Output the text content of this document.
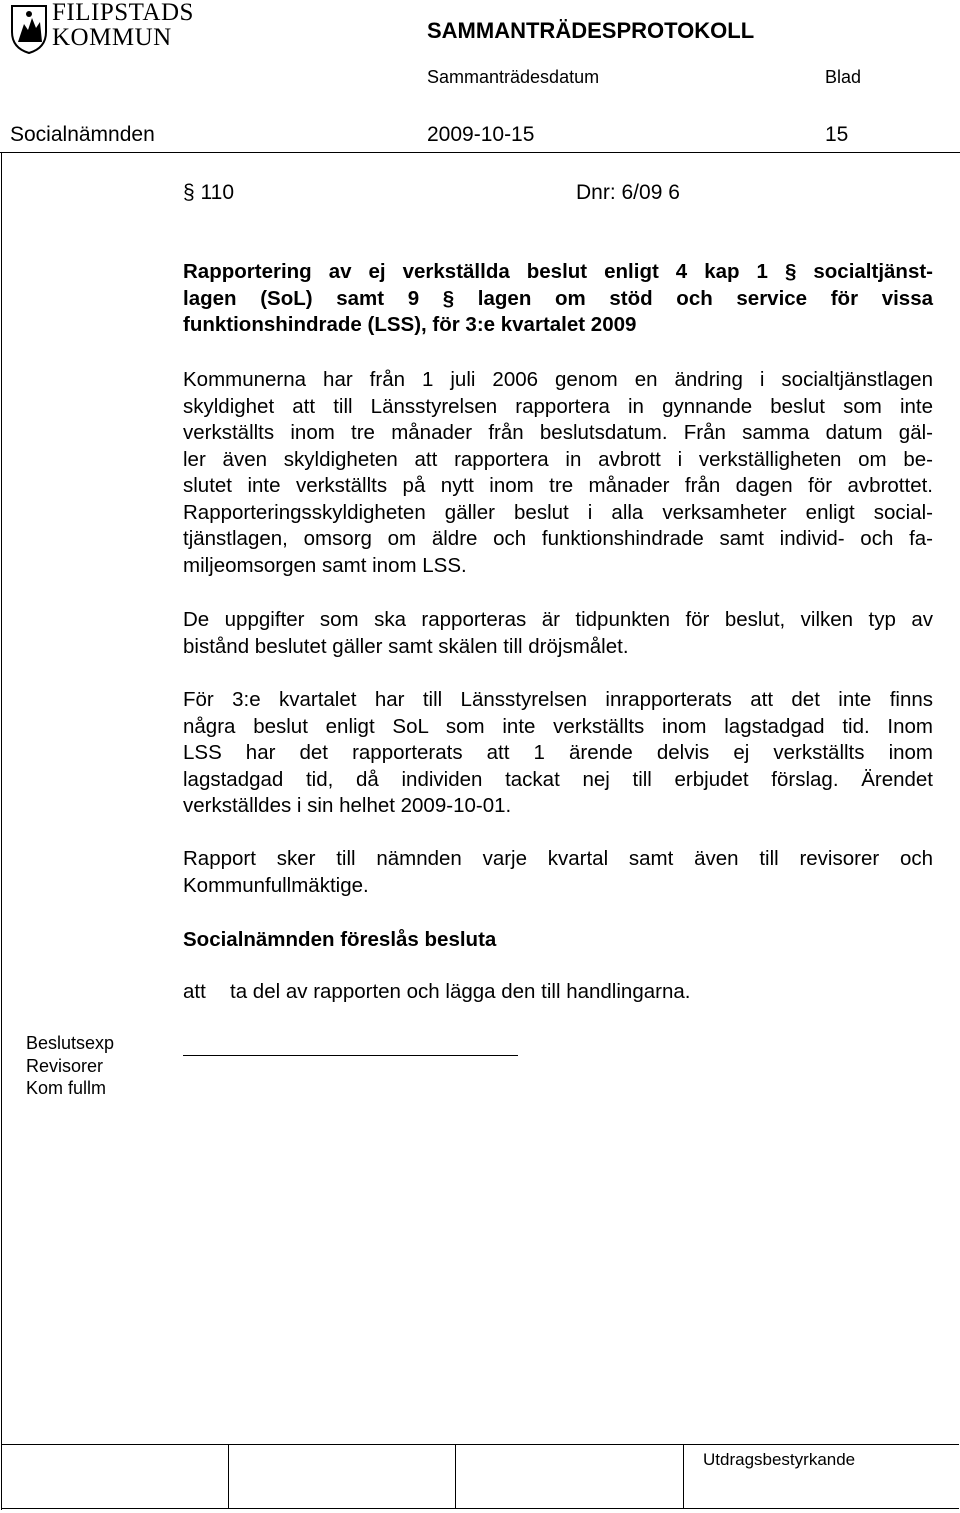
FILIPSTADS
KOMMUN	SAMMANTRÄDESPROTOKOLL
Sammanträdesdatum	Blad
Socialnämnden	2009-10-15	15
§ 110	Dnr: 6/09 6
Rapportering av ej verkställda beslut enligt 4 kap 1 § socialtjänst-
lagen (SoL) samt 9 § lagen om stöd och service för vissa
funktionshindrade (LSS), för 3:e kvartalet 2009
Kommunerna har från 1 juli 2006 genom en ändring i socialtjänstlagen
skyldighet att till Länsstyrelsen rapportera in gynnande beslut som inte
verkställts inom tre månader från beslutsdatum. Från samma datum gäl-
ler även skyldigheten att rapportera in avbrott i verkställigheten om be-
slutet inte verkställts på nytt inom tre månader från dagen för avbrottet.
Rapporteringsskyldigheten gäller beslut i alla verksamheter enligt social-
tjänstlagen, omsorg om äldre och funktionshindrade samt individ- och fa-
miljeomsorgen samt inom LSS.
De uppgifter som ska rapporteras är tidpunkten för beslut, vilken typ av
bistånd beslutet gäller samt skälen till dröjsmålet.
För 3:e kvartalet har till Länsstyrelsen inrapporterats att det inte finns
några beslut enligt SoL som inte verkställts inom lagstadgad tid. Inom
LSS har det rapporterats att 1 ärende delvis ej verkställts inom
lagstadgad tid, då individen tackat nej till erbjudet förslag. Ärendet
verkställdes i sin helhet 2009-10-01.
Rapport sker till nämnden varje kvartal samt även till revisorer och
Kommunfullmäktige.
Socialnämnden föreslås besluta
att ta del av rapporten och lägga den till handlingarna.
Beslutsexp
Revisorer
Kom fullm
Utdragsbestyrkande
